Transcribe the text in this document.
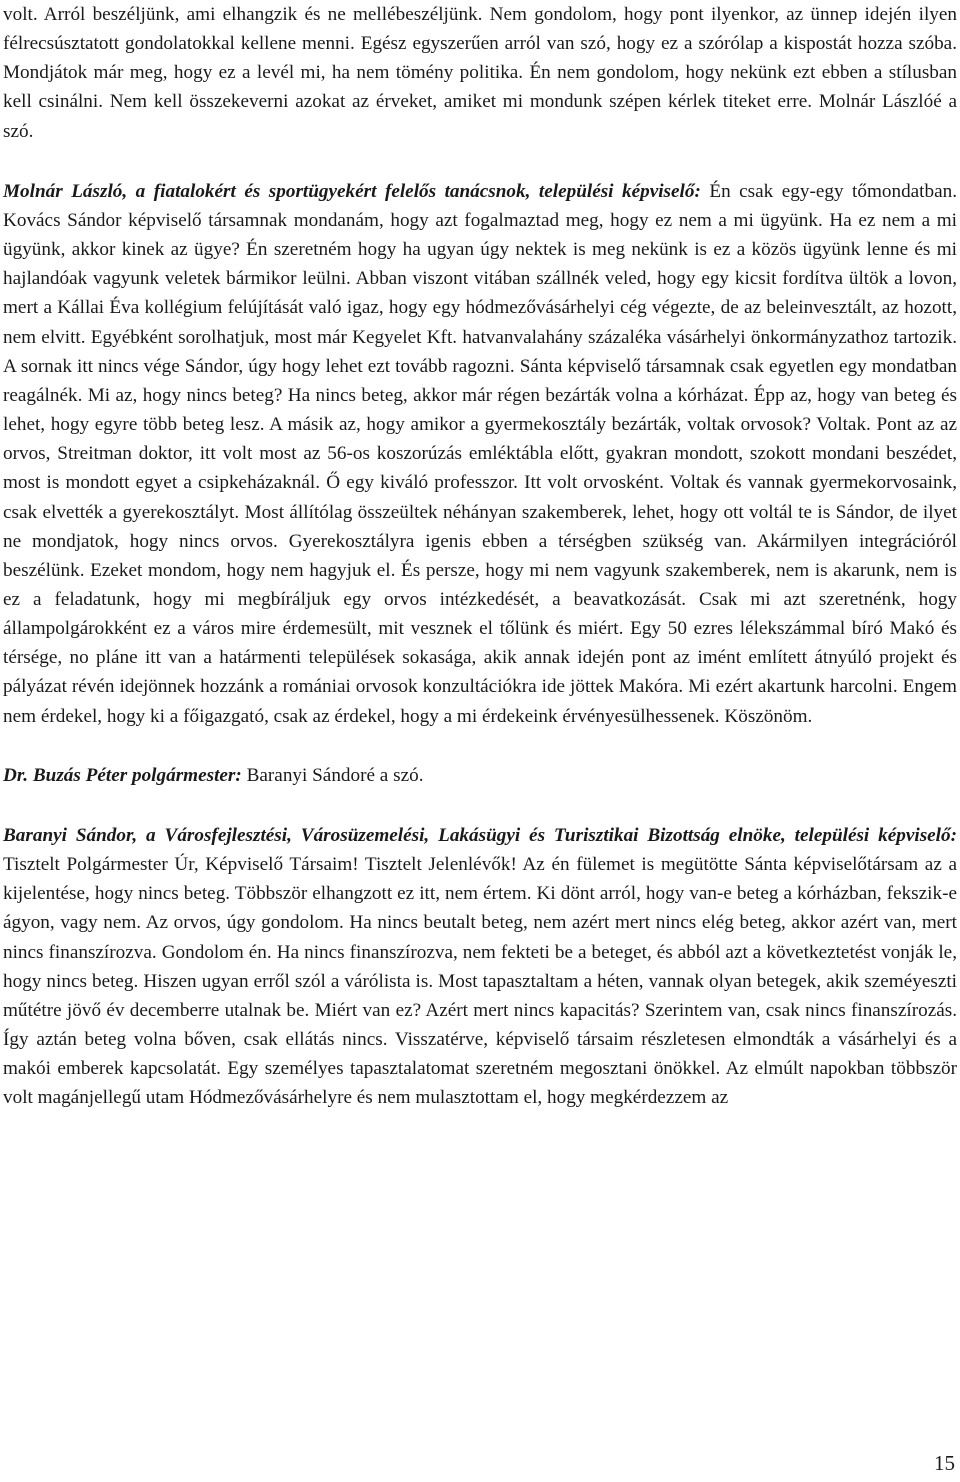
volt. Arról beszéljünk, ami elhangzik és ne mellébeszéljünk. Nem gondolom, hogy pont ilyenkor, az ünnep idején ilyen félrecsúsztatott gondolatokkal kellene menni. Egész egyszerűen arról van szó, hogy ez a szórólap a kispostát hozza szóba. Mondjátok már meg, hogy ez a levél mi, ha nem tömény politika. Én nem gondolom, hogy nekünk ezt ebben a stílusban kell csinálni. Nem kell összekeverni azokat az érveket, amiket mi mondunk szépen kérlek titeket erre. Molnár Lászlóé a szó.

Molnár László, a fiatalokért és sportügyekért felelős tanácsnok, települési képviselő: Én csak egy-egy tőmondatban. Kovács Sándor képviselő társamnak mondanám, hogy azt fogalmaztad meg, hogy ez nem a mi ügyünk. Ha ez nem a mi ügyünk, akkor kinek az ügye? Én szeretném hogy ha ugyan úgy nektek is meg nekünk is ez a közös ügyünk lenne és mi hajlandóak vagyunk veletek bármikor leülni. Abban viszont vitában szállnék veled, hogy egy kicsit fordítva ültök a lovon, mert a Kállai Éva kollégium felújítását való igaz, hogy egy hódmezővásárhelyi cég végezte, de az beleinvesztált, az hozott, nem elvitt. Egyébként sorolhatjuk, most már Kegyelet Kft. hatvanvalahány százaléka vásárhelyi önkormányzathoz tartozik. A sornak itt nincs vége Sándor, úgy hogy lehet ezt tovább ragozni. Sánta képviselő társamnak csak egyetlen egy mondatban reagálnék. Mi az, hogy nincs beteg? Ha nincs beteg, akkor már régen bezárták volna a kórházat. Épp az, hogy van beteg és lehet, hogy egyre több beteg lesz. A másik az, hogy amikor a gyermekosztály bezárták, voltak orvosok? Voltak. Pont az az orvos, Streitman doktor, itt volt most az 56-os koszorúzás emléktábla előtt, gyakran mondott, szokott mondani beszédet, most is mondott egyet a csipkeházaknál. Ő egy kiváló professzor. Itt volt orvosként. Voltak és vannak gyermekorvosaink, csak elvették a gyerekosztályt. Most állítólag összeültek néhányan szakemberek, lehet, hogy ott voltál te is Sándor, de ilyet ne mondjatok, hogy nincs orvos. Gyerekosztályra igenis ebben a térségben szükség van. Akármilyen integrációról beszélünk. Ezeket mondom, hogy nem hagyjuk el. És persze, hogy mi nem vagyunk szakemberek, nem is akarunk, nem is ez a feladatunk, hogy mi megbíráljuk egy orvos intézkedését, a beavatkozását. Csak mi azt szeretnénk, hogy állampolgárokként ez a város mire érdemesült, mit vesznek el tőlünk és miért. Egy 50 ezres lélekszámmal bíró Makó és térsége, no pláne itt van a határmenti települések sokasága, akik annak idején pont az imént említett átnyúló projekt és pályázat révén idejönnek hozzánk a romániai orvosok konzultációkra ide jöttek Makóra. Mi ezért akartunk harcolni. Engem nem érdekel, hogy ki a főigazgató, csak az érdekel, hogy a mi érdekeink érvényesülhessenek. Köszönöm.

Dr. Buzás Péter polgármester: Baranyi Sándoré a szó.

Baranyi Sándor, a Városfejlesztési, Városüzemelési, Lakásügyi és Turisztikai Bizottság elnöke, települési képviselő: Tisztelt Polgármester Úr, Képviselő Társaim! Tisztelt Jelenlévők! Az én fülemet is megütötte Sánta képviselőtársam az a kijelentése, hogy nincs beteg. Többször elhangzott ez itt, nem értem. Ki dönt arról, hogy van-e beteg a kórházban, fekszik-e ágyon, vagy nem. Az orvos, úgy gondolom. Ha nincs beutalt beteg, nem azért mert nincs elég beteg, akkor azért van, mert nincs finanszírozva. Gondolom én. Ha nincs finanszírozva, nem fekteti be a beteget, és abból azt a következtetést vonják le, hogy nincs beteg. Hiszen ugyan erről szól a várólista is. Most tapasztaltam a héten, vannak olyan betegek, akik szeméyeszti műtétre jövő év decemberre utalnak be. Miért van ez? Azért mert nincs kapacitás? Szerintem van, csak nincs finanszírozás. Így aztán beteg volna bőven, csak ellátás nincs. Visszatérve, képviselő társaim részletesen elmondták a vásárhelyi és a makói emberek kapcsolatát. Egy személyes tapasztalatomat szeretném megosztani önökkel. Az elmúlt napokban többször volt magánjellegű utam Hódmezővásárhelyre és nem mulasztottam el, hogy megkérdezzem az

15
